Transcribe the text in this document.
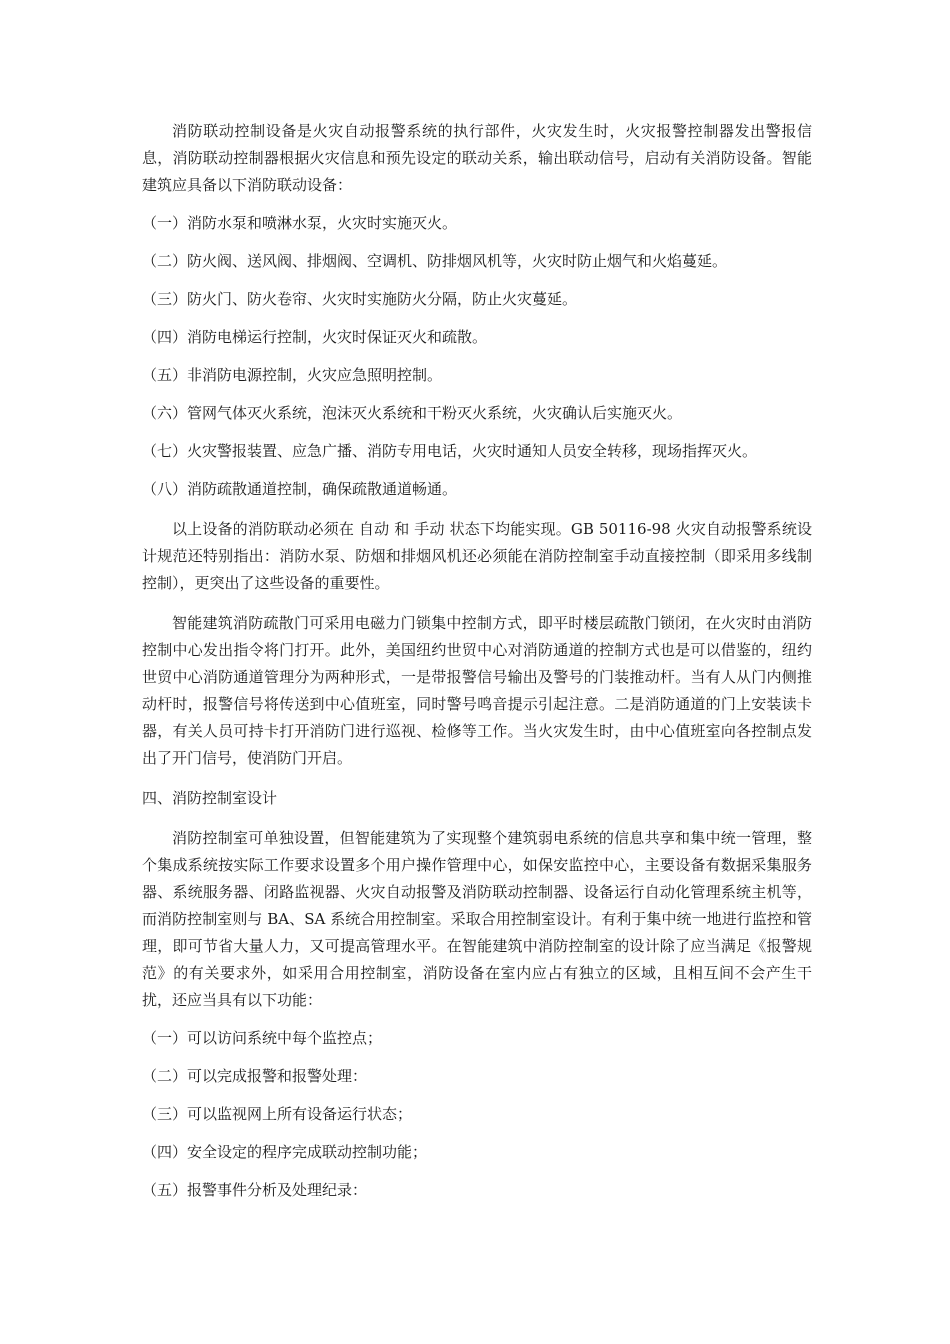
消防联动控制设备是火灾自动报警系统的执行部件，火灾发生时，火灾报警控制器发出警报信息，消防联动控制器根据火灾信息和预先设定的联动关系，输出联动信号，启动有关消防设备。智能建筑应具备以下消防联动设备：

（一）消防水泵和喷淋水泵，火灾时实施灭火。

（二）防火阀、送风阀、排烟阀、空调机、防排烟风机等，火灾时防止烟气和火焰蔓延。

（三）防火门、防火卷帘、火灾时实施防火分隔，防止火灾蔓延。

（四）消防电梯运行控制，火灾时保证灭火和疏散。

（五）非消防电源控制，火灾应急照明控制。

（六）管网气体灭火系统，泡沫灭火系统和干粉灭火系统，火灾确认后实施灭火。

（七）火灾警报装置、应急广播、消防专用电话，火灾时通知人员安全转移，现场指挥灭火。

（八）消防疏散通道控制，确保疏散通道畅通。

以上设备的消防联动必须在 自动 和 手动 状态下均能实现。GB 50116-98 火灾自动报警系统设计规范还特别指出：消防水泵、防烟和排烟风机还必须能在消防控制室手动直接控制（即采用多线制控制），更突出了这些设备的重要性。

智能建筑消防疏散门可采用电磁力门锁集中控制方式，即平时楼层疏散门锁闭，在火灾时由消防控制中心发出指令将门打开。此外，美国纽约世贸中心对消防通道的控制方式也是可以借鉴的，纽约世贸中心消防通道管理分为两种形式，一是带报警信号输出及警号的门装推动杆。当有人从门内侧推动杆时，报警信号将传送到中心值班室，同时警号鸣音提示引起注意。二是消防通道的门上安装读卡器，有关人员可持卡打开消防门进行巡视、检修等工作。当火灾发生时，由中心值班室向各控制点发出了开门信号，使消防门开启。

四、消防控制室设计

消防控制室可单独设置，但智能建筑为了实现整个建筑弱电系统的信息共享和集中统一管理，整个集成系统按实际工作要求设置多个用户操作管理中心，如保安监控中心，主要设备有数据采集服务器、系统服务器、闭路监视器、火灾自动报警及消防联动控制器、设备运行自动化管理系统主机等，而消防控制室则与 BA、SA 系统合用控制室。采取合用控制室设计。有利于集中统一地进行监控和管理，即可节省大量人力，又可提高管理水平。在智能建筑中消防控制室的设计除了应当满足《报警规范》的有关要求外，如采用合用控制室，消防设备在室内应占有独立的区域，且相互间不会产生干扰，还应当具有以下功能：

（一）可以访问系统中每个监控点；

（二）可以完成报警和报警处理：

（三）可以监视网上所有设备运行状态；

（四）安全设定的程序完成联动控制功能；

（五）报警事件分析及处理纪录：
